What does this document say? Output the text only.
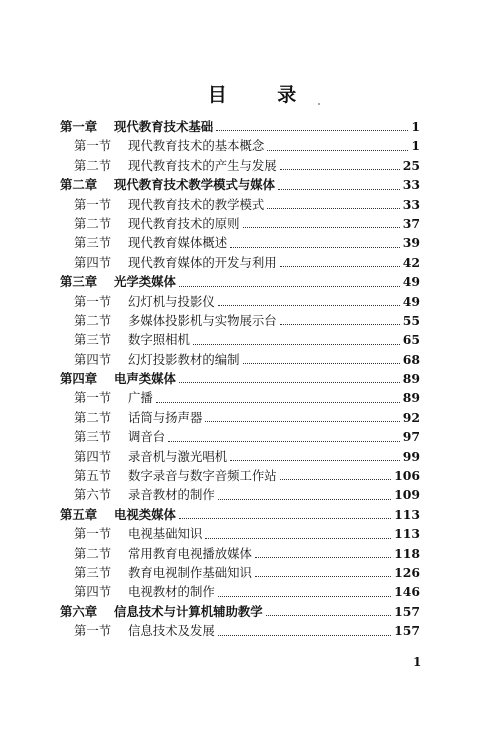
目 录
第一章	现代教育技术基础	1
第一节	现代教育技术的基本概念	1
第二节	现代教育技术的产生与发展	25
第二章	现代教育技术教学模式与媒体	33
第一节	现代教育技术的教学模式	33
第二节	现代教育技术的原则	37
第三节	现代教育媒体概述	39
第四节	现代教育媒体的开发与利用	42
第三章	光学类媒体	49
第一节	幻灯机与投影仪	49
第二节	多媒体投影机与实物展示台	55
第三节	数字照相机	65
第四节	幻灯投影教材的编制	68
第四章	电声类媒体	89
第一节	广播	89
第二节	话筒与扬声器	92
第三节	调音台	97
第四节	录音机与激光唱机	99
第五节	数字录音与数字音频工作站	106
第六节	录音教材的制作	109
第五章	电视类媒体	113
第一节	电视基础知识	113
第二节	常用教育电视播放媒体	118
第三节	教育电视制作基础知识	126
第四节	电视教材的制作	146
第六章	信息技术与计算机辅助教学	157
第一节	信息技术及发展	157
1
